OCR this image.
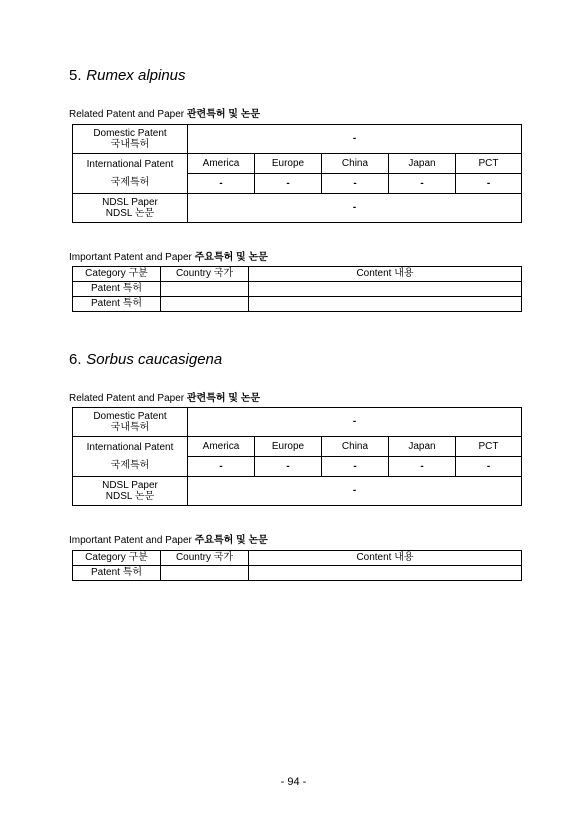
5. Rumex alpinus
Related Patent and Paper 관련특허 및 논문
Domestic Patent
국내특허	-				

International Patent
국제특허	America	Europe	China	Japan	PCT
	-	-	-	-	-

NDSL Paper
NDSL 논문	-				
Important Patent and Paper 주요특허 및 논문
Category 구분	Country 국가	Content 내용
Patent 특허		
Patent 특허		
6. Sorbus caucasigena
Related Patent and Paper 관련특허 및 논문
Domestic Patent
국내특허	-				

International Patent
국제특허	America	Europe	China	Japan	PCT
	-	-	-	-	-

NDSL Paper
NDSL 논문	-				
Important Patent and Paper 주요특허 및 논문
Category 구분	Country 국가	Content 내용
Patent 특허		
- 94 -
